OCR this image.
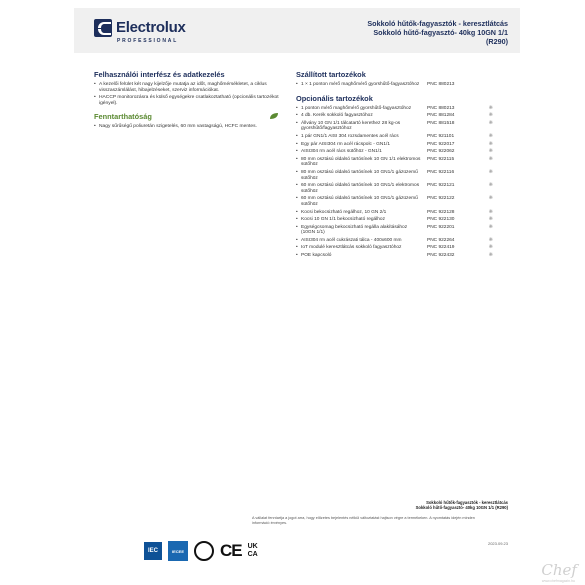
Electrolux
PROFESSIONAL
Sokkoló hűtők-fagyasztók - keresztlátcás
Sokkoló hűtő-fagyasztó- 40kg 10GN 1/1
(R290)
Felhasználói interfész és adatkezelés
• A kezelői felület két nagy kijelzője mutatja az időt, maghőmérsékletet, a ciklus visszaszámlálást, hibajelzéseket, szerviz információkat.
• HACCP monitorozásra és külső egységekre csatlakoztatható (opcionális tartozékot igényel).
Fenntarthatóság
• Nagy sűrűségű poliuretán szigetelés, 60 mm vastagságú, HCFC mentes.
Szállított tartozékok
• 1 × 1 ponton mérő maghőmérő gyorshűtő-fagyasztóhoz	PNC 880213
Opcionális tartozékok
• 1 ponton mérő maghőmérő gyorshűtő-fagyasztóhoz	PNC 880213	❋
• 4 db. Kerék sokkoló fagyasztóhoz	PNC 881284	❋
• Állvány 10 GN 1/1 tálcatartó kerethez 28 kg-os gyorshűtő/fagyasztóhoz
PNC 881518	❋
• 1 pár GN1/1 AISI 304 rozsdamentes acél rács	PNC 921101	❋
• Egy pár AISI304 rm acél rácspolc - GN1/1	PNC 922017	❋
• AISI304 rm acél rács sütőhöz - GN1/1	PNC 922062	❋
• 80 mm osztású oldalsó tartósínek 10 GN 1/1 elektromos sütőhöz
PNC 922115	❋
• 80 mm osztású oldalsó tartósínek 10 GN1/1 gázüzemű sütőhöz
PNC 922116	❋
• 60 mm osztású oldalsó tartósínek 10 GN1/1 elektromos sütőhöz
PNC 922121	❋
• 60 mm osztású oldalsó tartósínek 10 GN1/1 gázüzemű sütőhöz
PNC 922122	❋
• Kocsi bekocsizható regálhoz, 10 GN 2/1	PNC 922128	❋
• Kocsi 10 GN 1/1 bekocsizható regálhoz	PNC 922130	❋
• Egységcsomag bekocsizható regálla alakításához (10GN 1/1)
PNC 922201	❋
• AISI304 rm acél cukrászati tálca - 400x600 mm	PNC 922264	❋
• IoT modulé keresztlátcás sokkoló fagyasztóhoz	PNC 922419	❋
• POE kapcsoló	PNC 922432	❋
Sokkoló hűtők-fagyasztók - keresztlátcás
Sokkoló hűtő-fagyasztó- 40kg 10GN 1/1 (R290)
A vállalat fenntartja a jogot arra, hogy előzetes bejelentés nélkül változtatást hajtson végre a termékeken. A nyomtatás idején minden információ érvényes.
2023.09.23
IEC	IECEE CE UK CA
Chef
www.chefmagazin.hu
